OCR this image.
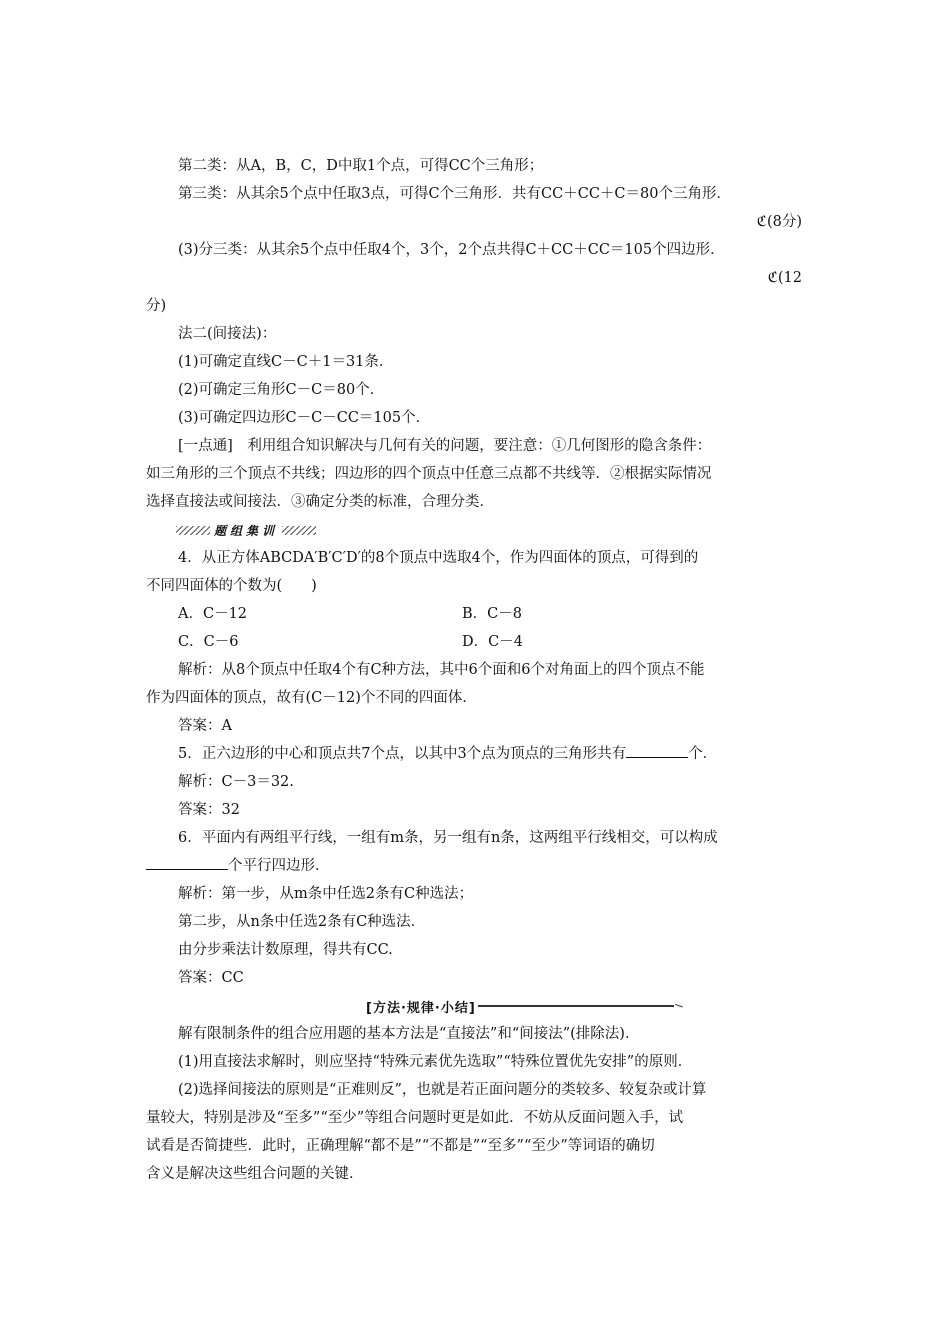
第二类：从A，B，C，D中取1个点，可得CC个三角形；
第三类：从其余5个点中任取3点，可得C个三角形．共有CC＋CC＋C＝80个三角形．
ℭ(8分)
(3)分三类：从其余5个点中任取4个，3个，2个点共得C＋CC＋CC＝105个四边形．
ℭ(12
分)
法二(间接法)：
(1)可确定直线C－C＋1＝31条．
(2)可确定三角形C－C＝80个．
(3)可确定四边形C－C－CC＝105个．
[一点通]　利用组合知识解决与几何有关的问题，要注意：①几何图形的隐含条件：
如三角形的三个顶点不共线；四边形的四个顶点中任意三点都不共线等．②根据实际情况
选择直接法或间接法．③确定分类的标准，合理分类．
题组集训
4．从正方体ABCDA′B′C′D′的8个顶点中选取4个，作为四面体的顶点，可得到的
不同四面体的个数为(　　)
A．C－12	B．C－8
C．C－6	D．C－4
解析：从8个顶点中任取4个有C种方法，其中6个面和6个对角面上的四个顶点不能
作为四面体的顶点，故有(C－12)个不同的四面体．
答案：A
5．正六边形的中心和顶点共7个点，以其中3个点为顶点的三角形共有	个．
解析：C－3＝32.
答案：32
6．平面内有两组平行线，一组有m条，另一组有n条，这两组平行线相交，可以构成
个平行四边形．
解析：第一步，从m条中任选2条有C种选法；
第二步，从n条中任选2条有C种选法．
由分步乘法计数原理，得共有CC.
答案：CC
[方法·规律·小结]
解有限制条件的组合应用题的基本方法是“直接法”和“间接法”(排除法)．
(1)用直接法求解时，则应坚持“特殊元素优先选取”“特殊位置优先安排”的原则．
(2)选择间接法的原则是“正难则反”，也就是若正面问题分的类较多、较复杂或计算
量较大，特别是涉及“至多”“至少”等组合问题时更是如此．不妨从反面问题入手，试
试看是否简捷些．此时，正确理解“都不是”“不都是”“至多”“至少”等词语的确切
含义是解决这些组合问题的关键．
